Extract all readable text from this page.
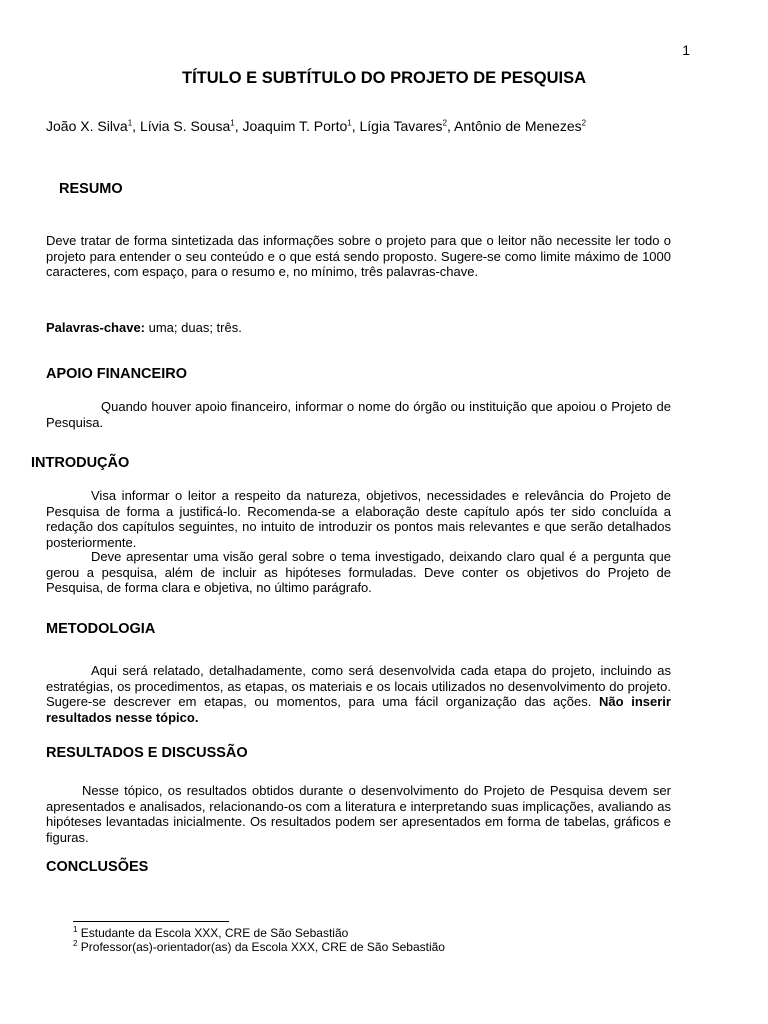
1
TÍTULO E SUBTÍTULO DO PROJETO DE PESQUISA
João X. Silva$^1$, Lívia S. Sousa$^1$, Joaquim T. Porto$^1$, Lígia Tavares$^2$, Antônio de Menezes$^2$
RESUMO
Deve tratar de forma sintetizada das informações sobre o projeto para que o leitor não necessite ler todo o projeto para entender o seu conteúdo e o que está sendo proposto. Sugere-se como limite máximo de 1000 caracteres, com espaço, para o resumo e, no mínimo, três palavras-chave.
Palavras-chave: uma; duas; três.
APOIO FINANCEIRO
Quando houver apoio financeiro, informar o nome do órgão ou instituição que apoiou o Projeto de Pesquisa.
INTRODUÇÃO
Visa informar o leitor a respeito da natureza, objetivos, necessidades e relevância do Projeto de Pesquisa de forma a justificá-lo. Recomenda-se a elaboração deste capítulo após ter sido concluída a redação dos capítulos seguintes, no intuito de introduzir os pontos mais relevantes e que serão detalhados posteriormente.
Deve apresentar uma visão geral sobre o tema investigado, deixando claro qual é a pergunta que gerou a pesquisa, além de incluir as hipóteses formuladas. Deve conter os objetivos do Projeto de Pesquisa, de forma clara e objetiva, no último parágrafo.
METODOLOGIA
Aqui será relatado, detalhadamente, como será desenvolvida cada etapa do projeto, incluindo as estratégias, os procedimentos, as etapas, os materiais e os locais utilizados no desenvolvimento do projeto. Sugere-se descrever em etapas, ou momentos, para uma fácil organização das ações. Não inserir resultados nesse tópico.
RESULTADOS E DISCUSSÃO
Nesse tópico, os resultados obtidos durante o desenvolvimento do Projeto de Pesquisa devem ser apresentados e analisados, relacionando-os com a literatura e interpretando suas implicações, avaliando as hipóteses levantadas inicialmente. Os resultados podem ser apresentados em forma de tabelas, gráficos e figuras.
CONCLUSÕES
$^1$ Estudante da Escola XXX, CRE de São Sebastião
$^2$ Professor(as)-orientador(as) da Escola XXX, CRE de São Sebastião
